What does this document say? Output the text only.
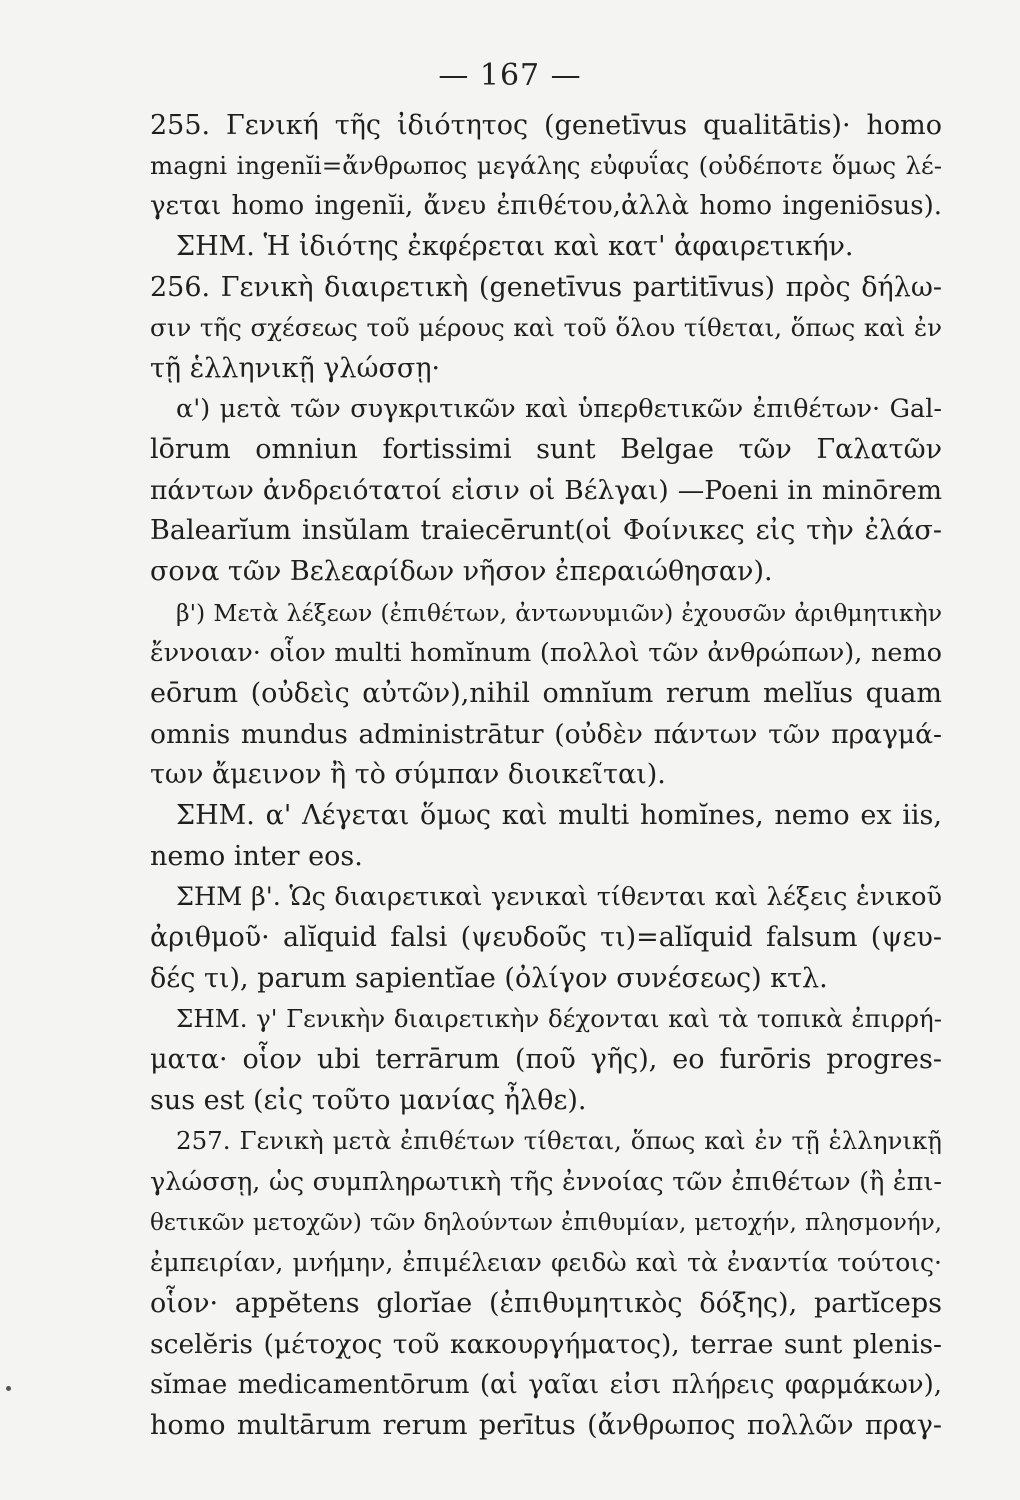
— 167 —
255. Γενική τῆς ἰδιότητος (genetīvus qualitātis)· homo
magni ingenĭi=ἄνθρωπος μεγάλης εὐφυΐας (οὐδέποτε ὅμως λέ-
γεται homo ingenĭi, ἄνευ ἐπιθέτου,ἀλλὰ homo ingeniōsus).
ΣΗΜ. Ἡ ἰδιότης ἐκφέρεται καὶ κατ' ἀφαιρετικήν.
256. Γενικὴ διαιρετικὴ (genetīvus partitīvus) πρὸς δήλω-
σιν τῆς σχέσεως τοῦ μέρους καὶ τοῦ ὅλου τίθεται, ὅπως καὶ ἐν
τῇ ἑλληνικῇ γλώσσῃ·
α') μετὰ τῶν συγκριτικῶν καὶ ὑπερθετικῶν ἐπιθέτων· Gal-
lōrum omniun fortissimi sunt Belgae τῶν Γαλατῶν
πάντων ἀνδρειότατοί εἰσιν οἱ Βέλγαι) —Poeni in minōrem
Balearĭum insŭlam traiecērunt(οἱ Φοίνικες εἰς τὴν ἐλάσ-
σονα τῶν Βελεαρίδων νῆσον ἐπεραιώθησαν).
β') Μετὰ λέξεων (ἐπιθέτων, ἀντωνυμιῶν) ἐχουσῶν ἀριθμητικὴν
ἔννοιαν· οἷον multi homĭnum (πολλοὶ τῶν ἀνθρώπων), nemo
eōrum (οὐδεὶς αὐτῶν),nihil omnĭum rerum melĭus quam
omnis mundus administrātur (οὐδὲν πάντων τῶν πραγμά-
των ἄμεινον ἢ τὸ σύμπαν διοικεῖται).
ΣΗΜ. α' Λέγεται ὅμως καὶ multi homĭnes, nemo ex iis,
nemo inter eos.
ΣΗΜ β'. Ὡς διαιρετικαὶ γενικαὶ τίθενται καὶ λέξεις ἑνικοῦ
ἀριθμοῦ· alĭquid falsi (ψευδοῦς τι)=alĭquid falsum (ψευ-
δές τι), parum sapientĭae (ὀλίγον συνέσεως) κτλ.
ΣΗΜ. γ' Γενικὴν διαιρετικὴν δέχονται καὶ τὰ τοπικὰ ἐπιρρή-
ματα· οἷον ubi terrārum (ποῦ γῆς), eo furōris progres-
sus est (εἰς τοῦτο μανίας ἦλθε).
257. Γενικὴ μετὰ ἐπιθέτων τίθεται, ὅπως καὶ ἐν τῇ ἑλληνικῇ
γλώσσῃ, ὡς συμπληρωτικὴ τῆς ἐννοίας τῶν ἐπιθέτων (ἢ ἐπι-
θετικῶν μετοχῶν) τῶν δηλούντων ἐπιθυμίαν, μετοχήν, πλησμονήν,
ἐμπειρίαν, μνήμην, ἐπιμέλειαν φειδὼ καὶ τὰ ἐναντία τούτοις·
οἷον· appĕtens glorĭae (ἐπιθυμητικὸς δόξης), partĭceps
scelĕris (μέτοχος τοῦ κακουργήματος), terrae sunt plenis-
sĭmae medicamentōrum (αἱ γαῖαι εἰσι πλήρεις φαρμάκων),
homo multārum rerum perītus (ἄνθρωπος πολλῶν πραγ-
